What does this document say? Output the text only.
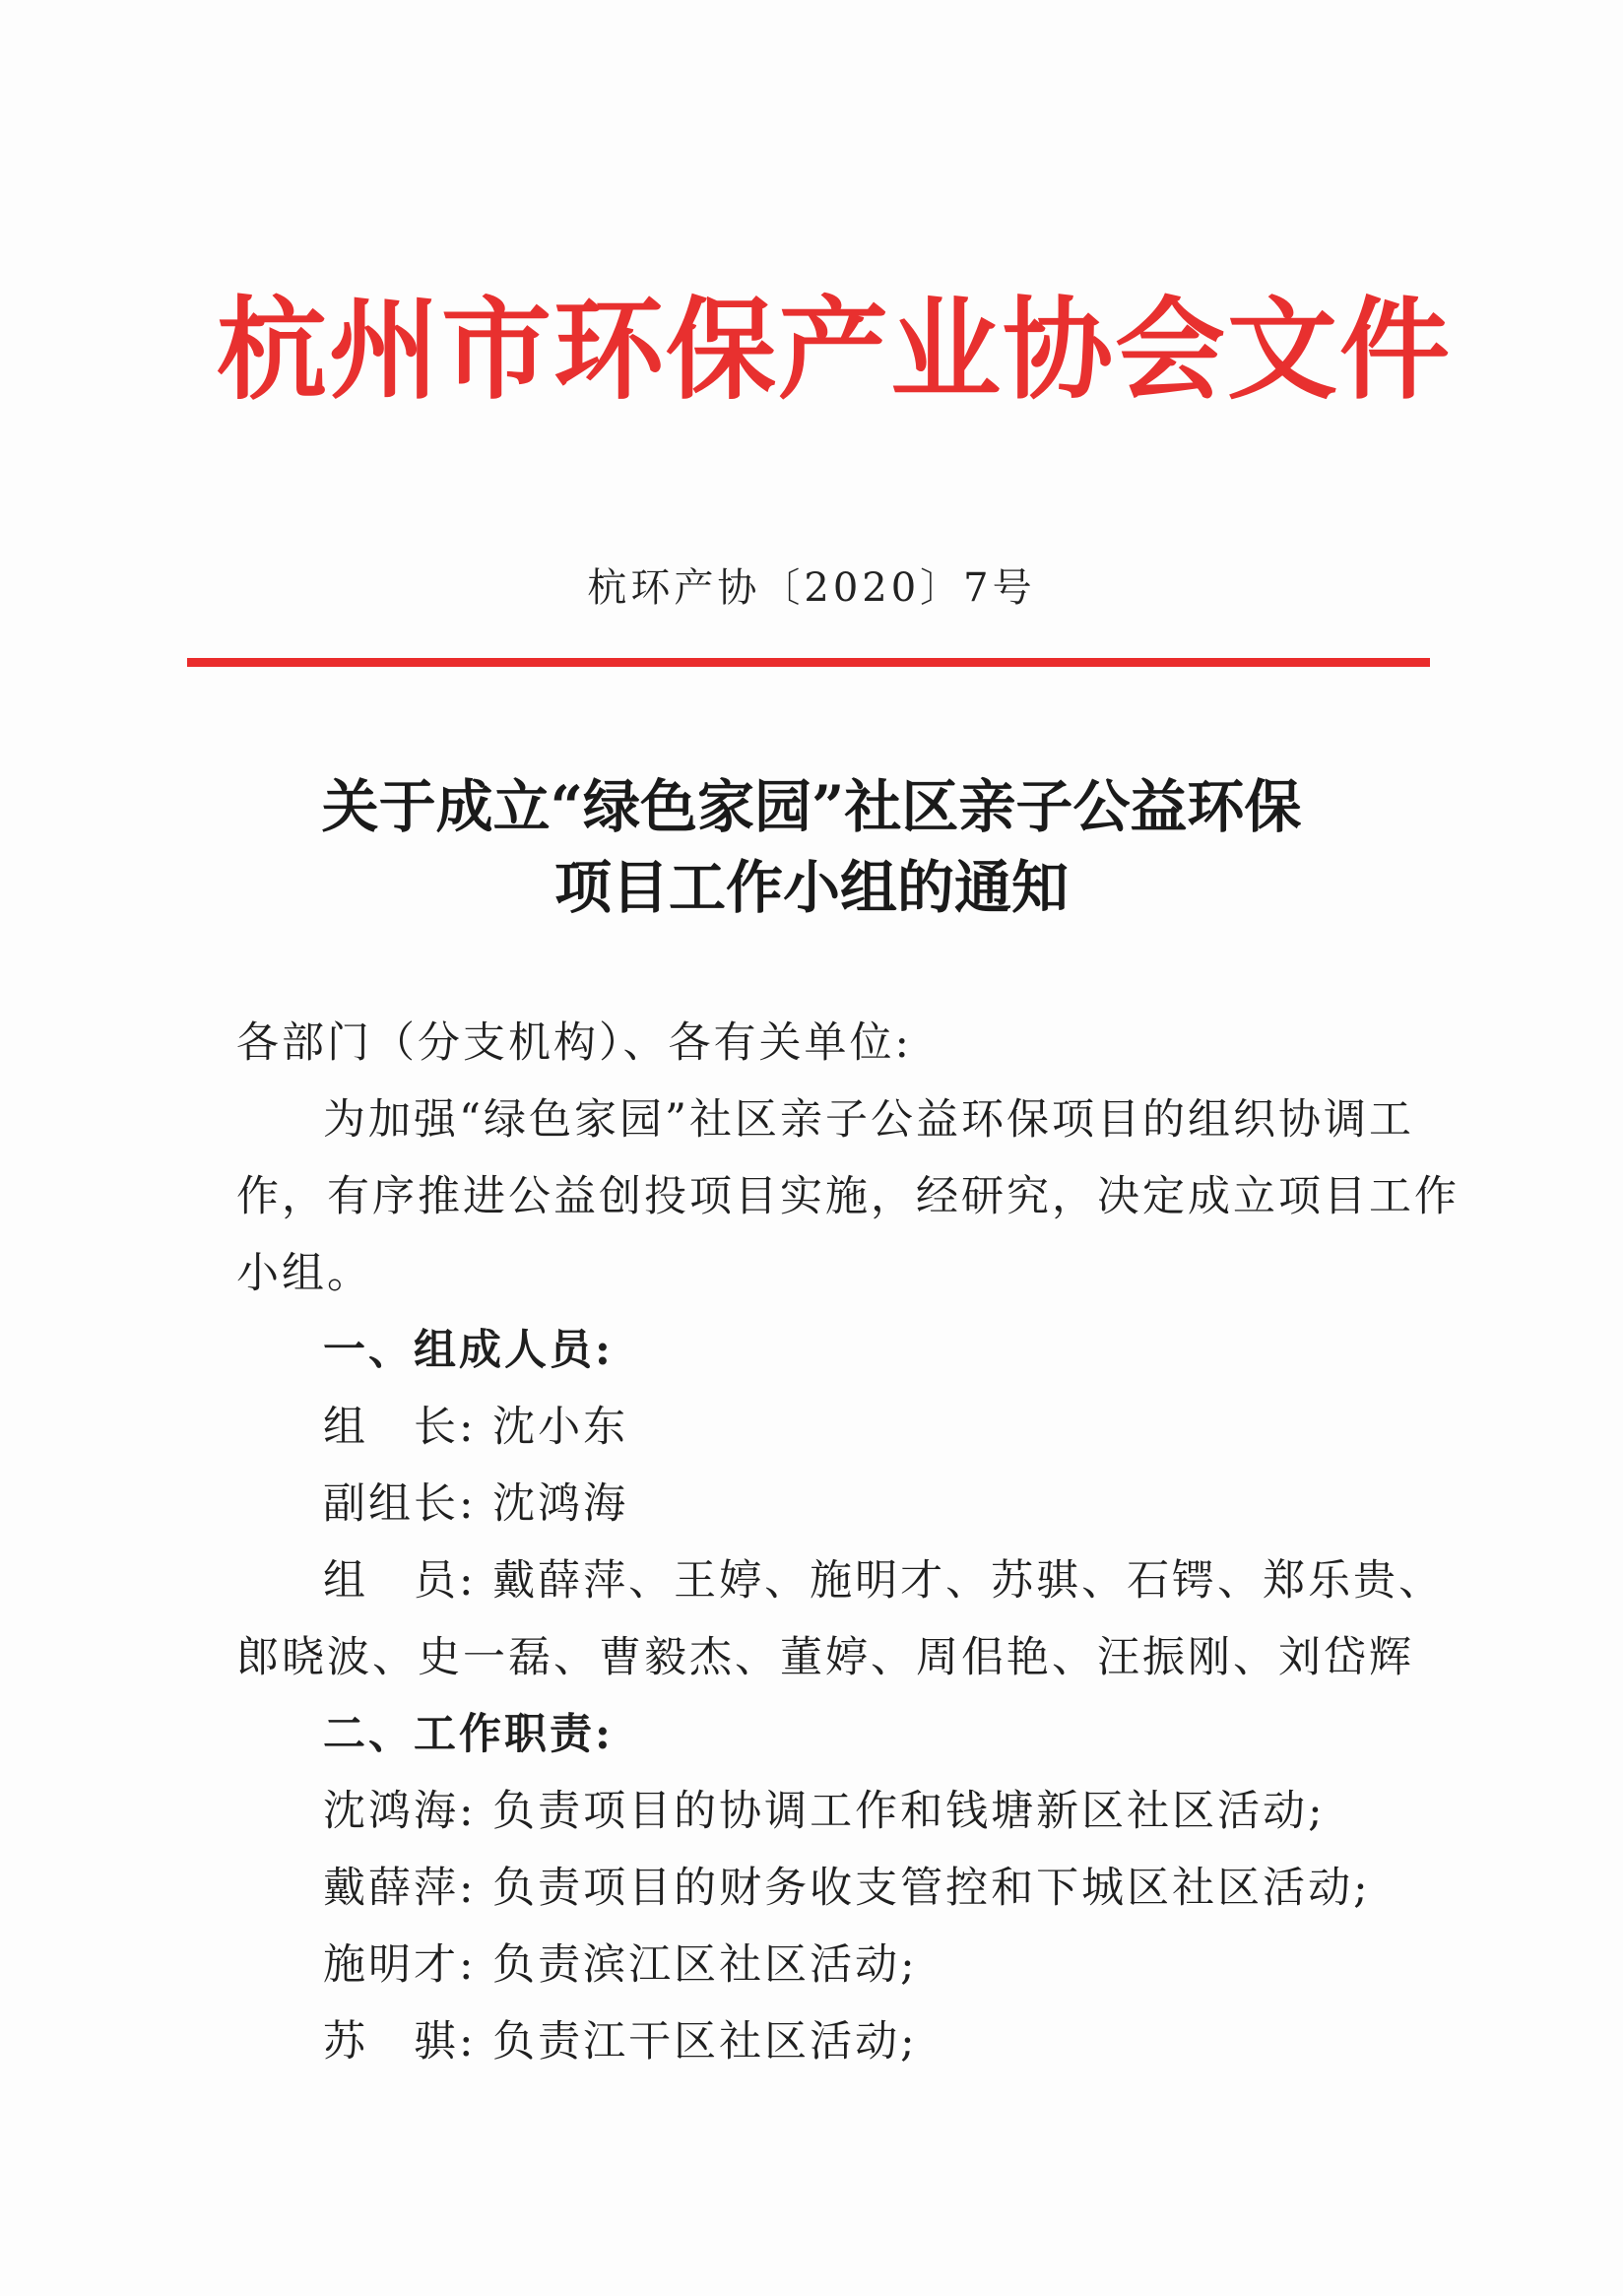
杭州市环保产业协会文件
杭环产协〔2020〕7号
关于成立“绿色家园”社区亲子公益环保
项目工作小组的通知
各部门（分支机构）、各有关单位:
为加强“绿色家园”社区亲子公益环保项目的组织协调工
作，有序推进公益创投项目实施，经研究，决定成立项目工作
小组。
一、组成人员:
组 长: 沈小东
副组长: 沈鸿海
组 员: 戴薛萍、王婷、施明才、苏骐、石锷、郑乐贵、
郎晓波、史一磊、曹毅杰、董婷、周佀艳、汪振刚、刘岱辉
二、工作职责:
沈鸿海: 负责项目的协调工作和钱塘新区社区活动;
戴薛萍: 负责项目的财务收支管控和下城区社区活动;
施明才: 负责滨江区社区活动;
苏 骐: 负责江干区社区活动;
